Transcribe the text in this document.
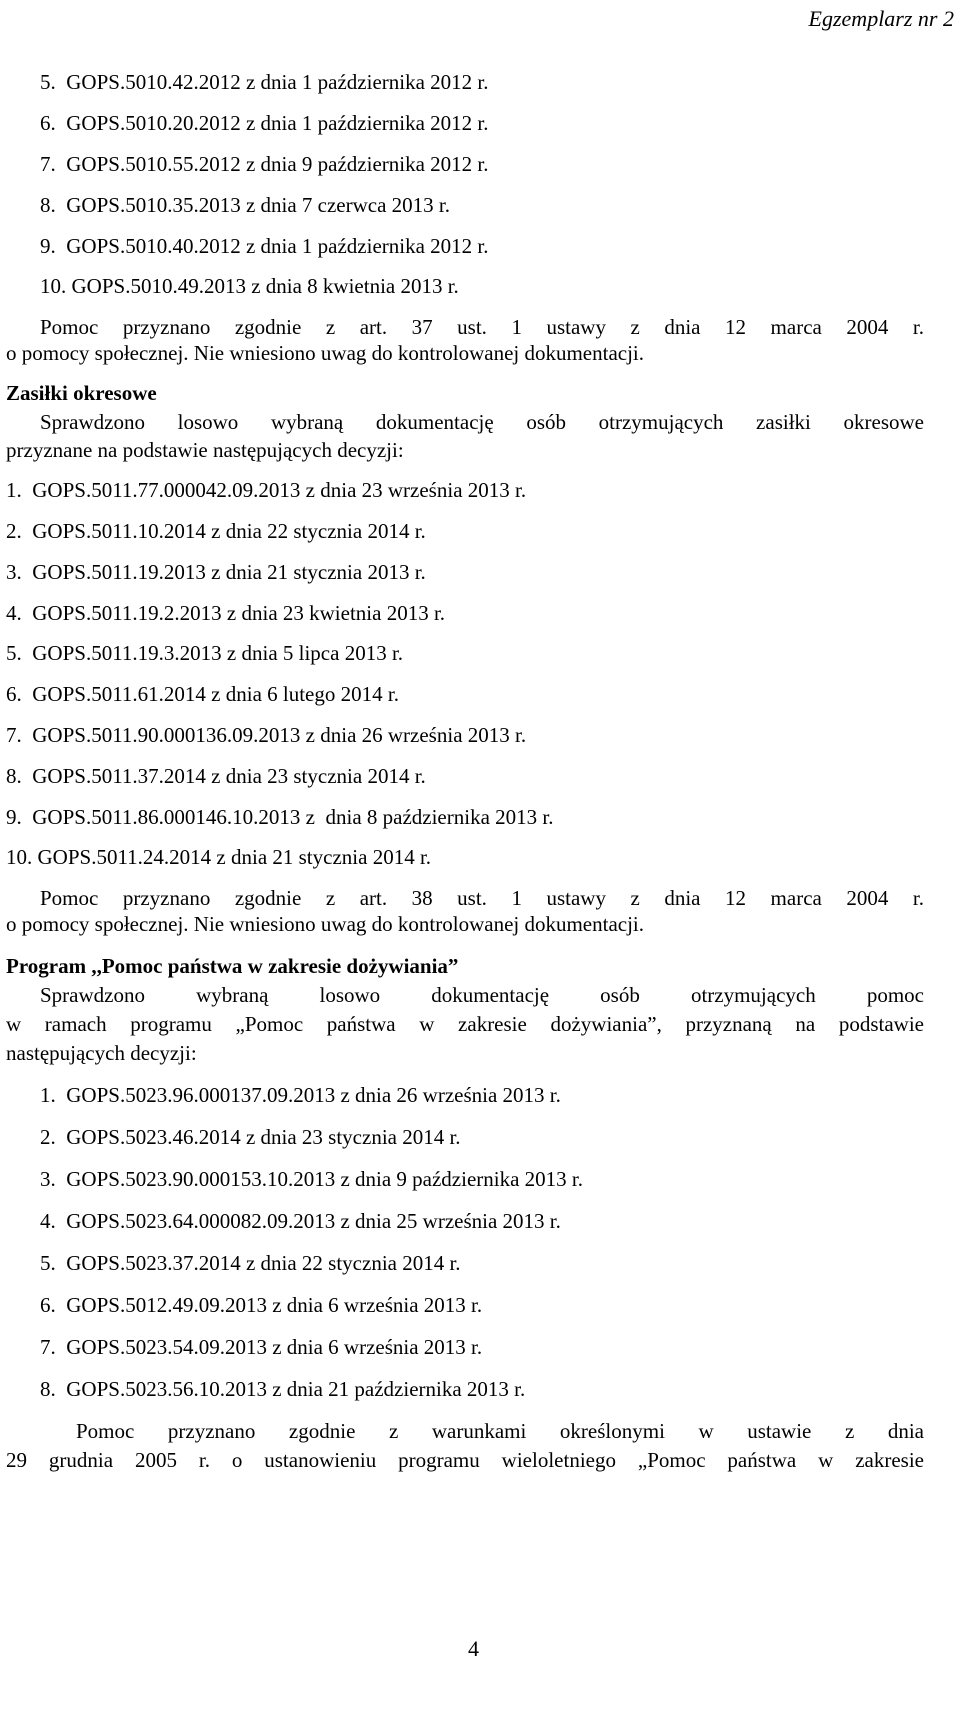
Egzemplarz nr 2
5.  GOPS.5010.42.2012 z dnia 1 października 2012 r.
6.  GOPS.5010.20.2012 z dnia 1 października 2012 r.
7.  GOPS.5010.55.2012 z dnia 9 października 2012 r.
8.  GOPS.5010.35.2013 z dnia 7 czerwca 2013 r.
9.  GOPS.5010.40.2012 z dnia 1 października 2012 r.
10. GOPS.5010.49.2013 z dnia 8 kwietnia 2013 r.
Pomoc przyznano zgodnie z art. 37 ust. 1 ustawy z dnia 12 marca 2004 r.
o pomocy społecznej. Nie wniesiono uwag do kontrolowanej dokumentacji.
Zasiłki okresowe
Sprawdzono losowo wybraną dokumentację osób otrzymujących zasiłki okresowe
przyznane na podstawie następujących decyzji:
1.  GOPS.5011.77.000042.09.2013 z dnia 23 września 2013 r.
2.  GOPS.5011.10.2014 z dnia 22 stycznia 2014 r.
3.  GOPS.5011.19.2013 z dnia 21 stycznia 2013 r.
4.  GOPS.5011.19.2.2013 z dnia 23 kwietnia 2013 r.
5.  GOPS.5011.19.3.2013 z dnia 5 lipca 2013 r.
6.  GOPS.5011.61.2014 z dnia 6 lutego 2014 r.
7.  GOPS.5011.90.000136.09.2013 z dnia 26 września 2013 r.
8.  GOPS.5011.37.2014 z dnia 23 stycznia 2014 r.
9.  GOPS.5011.86.000146.10.2013 z  dnia 8 października 2013 r.
10. GOPS.5011.24.2014 z dnia 21 stycznia 2014 r.
Pomoc przyznano zgodnie z art. 38 ust. 1 ustawy z dnia 12 marca 2004 r.
o pomocy społecznej. Nie wniesiono uwag do kontrolowanej dokumentacji.
Program ,,Pomoc państwa w zakresie dożywiania”
Sprawdzono wybraną losowo dokumentację osób otrzymujących pomoc
w ramach programu „Pomoc państwa w zakresie dożywiania”, przyznaną na podstawie
następujących decyzji:
1.  GOPS.5023.96.000137.09.2013 z dnia 26 września 2013 r.
2.  GOPS.5023.46.2014 z dnia 23 stycznia 2014 r.
3.  GOPS.5023.90.000153.10.2013 z dnia 9 października 2013 r.
4.  GOPS.5023.64.000082.09.2013 z dnia 25 września 2013 r.
5.  GOPS.5023.37.2014 z dnia 22 stycznia 2014 r.
6.  GOPS.5012.49.09.2013 z dnia 6 września 2013 r.
7.  GOPS.5023.54.09.2013 z dnia 6 września 2013 r.
8.  GOPS.5023.56.10.2013 z dnia 21 października 2013 r.
Pomoc przyznano zgodnie z warunkami określonymi w ustawie z dnia
29 grudnia 2005 r. o ustanowieniu programu wieloletniego „Pomoc państwa w zakresie
4
